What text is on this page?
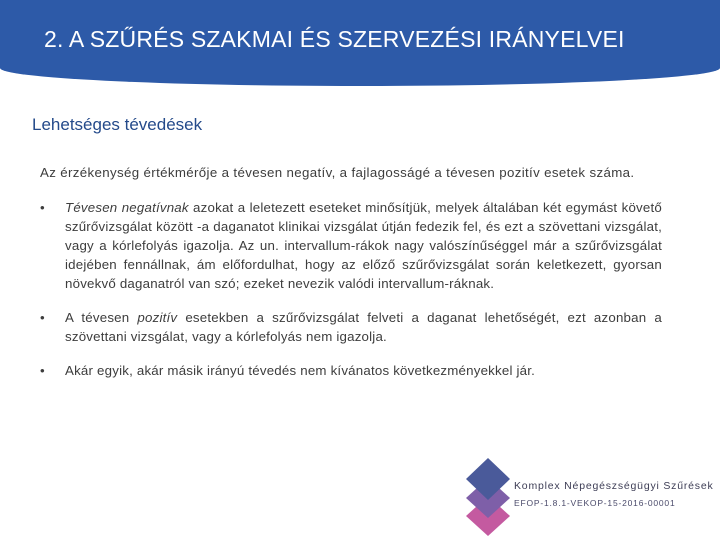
2. A SZŰRÉS SZAKMAI ÉS SZERVEZÉSI IRÁNYELVEI
Lehetséges tévedések

Az érzékenység értékmérője a tévesen negatív, a fajlagosságé a tévesen pozitív esetek száma.

•	Tévesen negatívnak azokat a leletezett eseteket minősítjük, melyek általában két egymást követő szűrővizsgálat között -a daganatot klinikai vizsgálat útján fedezik fel, és ezt a szövettani vizsgálat, vagy a kórlefolyás igazolja. Az un. intervallum-rákok nagy valószínűséggel már a szűrővizsgálat idejében fennállnak, ám előfordulhat, hogy az előző szűrővizsgálat során keletkezett, gyorsan növekvő daganatról van szó; ezeket nevezik valódi intervallum-ráknak.
•	A tévesen pozitív esetekben a szűrővizsgálat felveti a daganat lehetőségét, ezt azonban a szövettani vizsgálat, vagy a kórlefolyás nem igazolja.
•	Akár egyik, akár másik irányú tévedés nem kívánatos következményekkel jár.
Komplex Népegészségügyi Szűrések
EFOP-1.8.1-VEKOP-15-2016-00001
